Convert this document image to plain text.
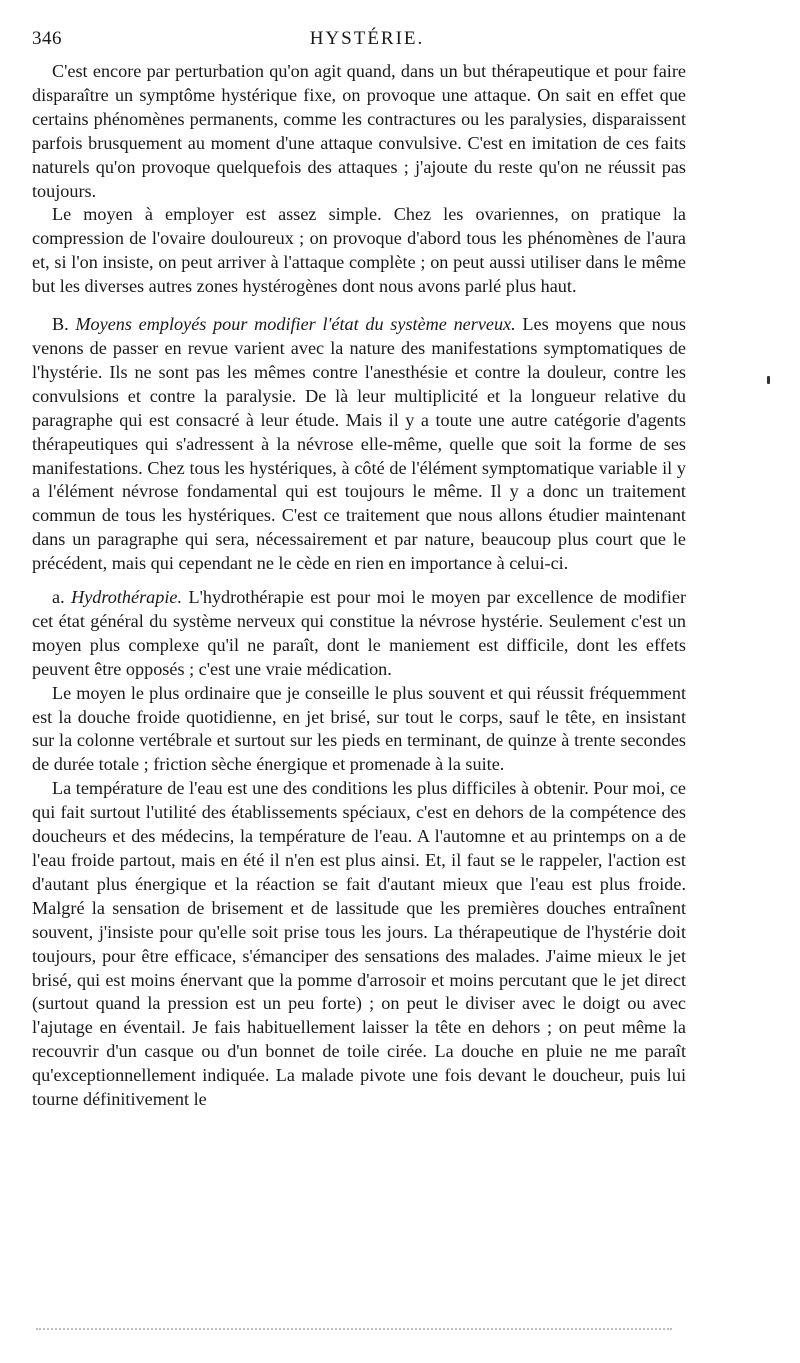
346	HYSTÉRIE.

C'est encore par perturbation qu'on agit quand, dans un but thérapeutique et pour faire disparaître un symptôme hystérique fixe, on provoque une attaque. On sait en effet que certains phénomènes permanents, comme les contractures ou les paralysies, disparaissent parfois brusquement au moment d'une attaque convulsive. C'est en imitation de ces faits naturels qu'on provoque quelquefois des attaques ; j'ajoute du reste qu'on ne réussit pas toujours.

Le moyen à employer est assez simple. Chez les ovariennes, on pratique la compression de l'ovaire douloureux ; on provoque d'abord tous les phénomènes de l'aura et, si l'on insiste, on peut arriver à l'attaque complète ; on peut aussi utiliser dans le même but les diverses autres zones hystérogènes dont nous avons parlé plus haut.

B. Moyens employés pour modifier l'état du système nerveux. Les moyens que nous venons de passer en revue varient avec la nature des manifestations symptomatiques de l'hystérie. Ils ne sont pas les mêmes contre l'anesthésie et contre la douleur, contre les convulsions et contre la paralysie. De là leur multiplicité et la longueur relative du paragraphe qui est consacré à leur étude. Mais il y a toute une autre catégorie d'agents thérapeutiques qui s'adressent à la névrose elle-même, quelle que soit la forme de ses manifestations. Chez tous les hystériques, à côté de l'élément symptomatique variable il y a l'élément névrose fondamental qui est toujours le même. Il y a donc un traitement commun de tous les hystériques. C'est ce traitement que nous allons étudier maintenant dans un paragraphe qui sera, nécessairement et par nature, beaucoup plus court que le précédent, mais qui cependant ne le cède en rien en importance à celui-ci.

a. Hydrothérapie. L'hydrothérapie est pour moi le moyen par excellence de modifier cet état général du système nerveux qui constitue la névrose hystérie. Seulement c'est un moyen plus complexe qu'il ne paraît, dont le maniement est difficile, dont les effets peuvent être opposés ; c'est une vraie médication.

Le moyen le plus ordinaire que je conseille le plus souvent et qui réussit fréquemment est la douche froide quotidienne, en jet brisé, sur tout le corps, sauf le tête, en insistant sur la colonne vertébrale et surtout sur les pieds en terminant, de quinze à trente secondes de durée totale ; friction sèche énergique et promenade à la suite.

La température de l'eau est une des conditions les plus difficiles à obtenir. Pour moi, ce qui fait surtout l'utilité des établissements spéciaux, c'est en dehors de la compétence des doucheurs et des médecins, la température de l'eau. A l'automne et au printemps on a de l'eau froide partout, mais en été il n'en est plus ainsi. Et, il faut se le rappeler, l'action est d'autant plus énergique et la réaction se fait d'autant mieux que l'eau est plus froide. Malgré la sensation de brisement et de lassitude que les premières douches entraînent souvent, j'insiste pour qu'elle soit prise tous les jours. La thérapeutique de l'hystérie doit toujours, pour être efficace, s'émanciper des sensations des malades. J'aime mieux le jet brisé, qui est moins énervant que la pomme d'arrosoir et moins percutant que le jet direct (surtout quand la pression est un peu forte) ; on peut le diviser avec le doigt ou avec l'ajutage en éventail. Je fais habituellement laisser la tête en dehors ; on peut même la recouvrir d'un casque ou d'un bonnet de toile cirée. La douche en pluie ne me paraît qu'exceptionnellement indiquée. La malade pivote une fois devant le doucheur, puis lui tourne définitivement le
